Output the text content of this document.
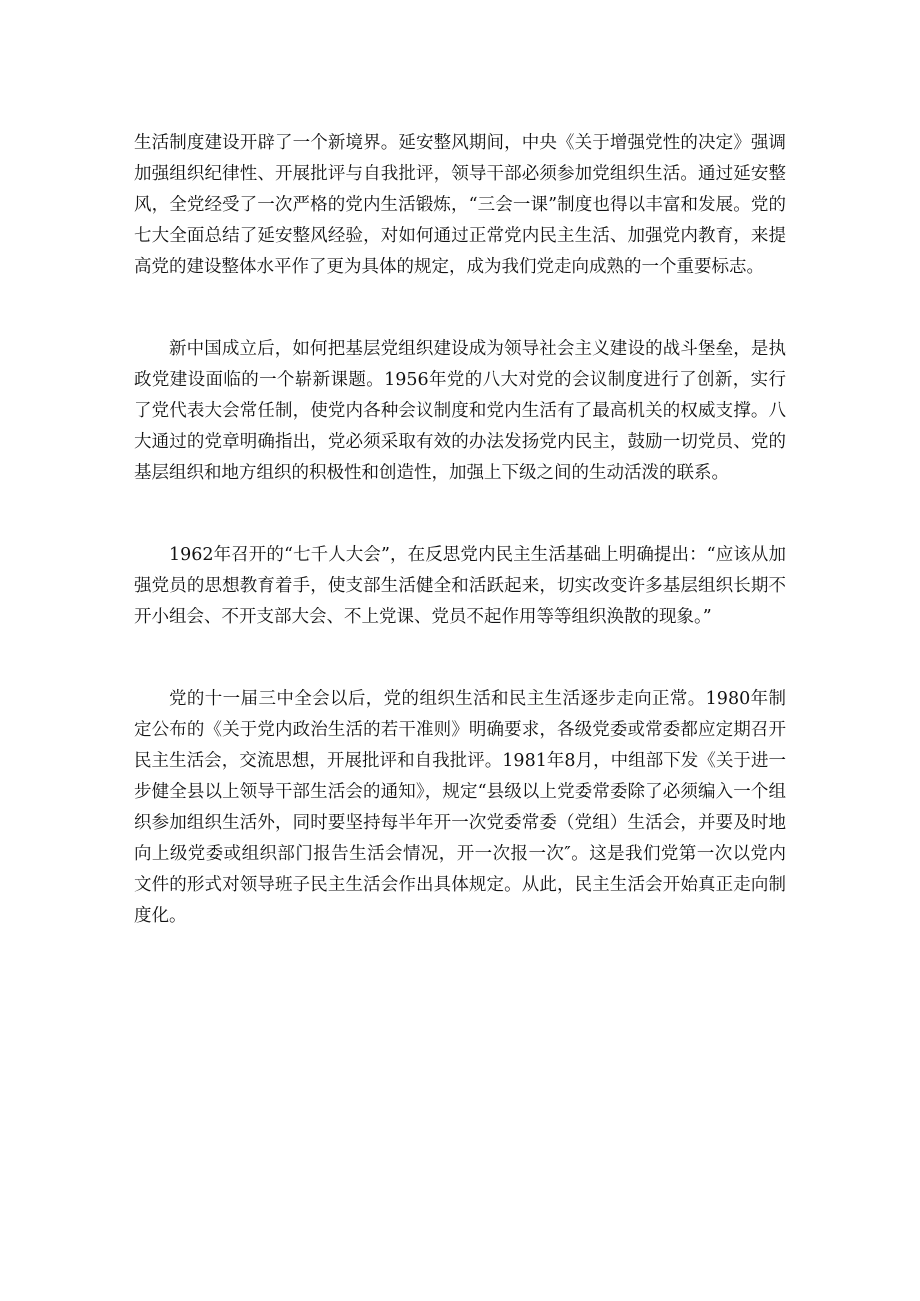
生活制度建设开辟了一个新境界。延安整风期间，中央《关于增强党性的决定》强调加强组织纪律性、开展批评与自我批评，领导干部必须参加党组织生活。通过延安整风，全党经受了一次严格的党内生活锻炼，“三会一课”制度也得以丰富和发展。党的七大全面总结了延安整风经验，对如何通过正常党内民主生活、加强党内教育，来提高党的建设整体水平作了更为具体的规定，成为我们党走向成熟的一个重要标志。

新中国成立后，如何把基层党组织建设成为领导社会主义建设的战斗堡垒，是执政党建设面临的一个崭新课题。1956年党的八大对党的会议制度进行了创新，实行了党代表大会常任制，使党内各种会议制度和党内生活有了最高机关的权威支撑。八大通过的党章明确指出，党必须采取有效的办法发扬党内民主，鼓励一切党员、党的基层组织和地方组织的积极性和创造性，加强上下级之间的生动活泼的联系。

1962年召开的“七千人大会”，在反思党内民主生活基础上明确提出：“应该从加强党员的思想教育着手，使支部生活健全和活跃起来，切实改变许多基层组织长期不开小组会、不开支部大会、不上党课、党员不起作用等等组织涣散的现象。”

党的十一届三中全会以后，党的组织生活和民主生活逐步走向正常。1980年制定公布的《关于党内政治生活的若干准则》明确要求，各级党委或常委都应定期召开民主生活会，交流思想，开展批评和自我批评。1981年8月，中组部下发《关于进一步健全县以上领导干部生活会的通知》，规定“县级以上党委常委除了必须编入一个组织参加组织生活外，同时要坚持每半年开一次党委常委（党组）生活会，并要及时地向上级党委或组织部门报告生活会情况，开一次报一次″。这是我们党第一次以党内文件的形式对领导班子民主生活会作出具体规定。从此，民主生活会开始真正走向制度化。
